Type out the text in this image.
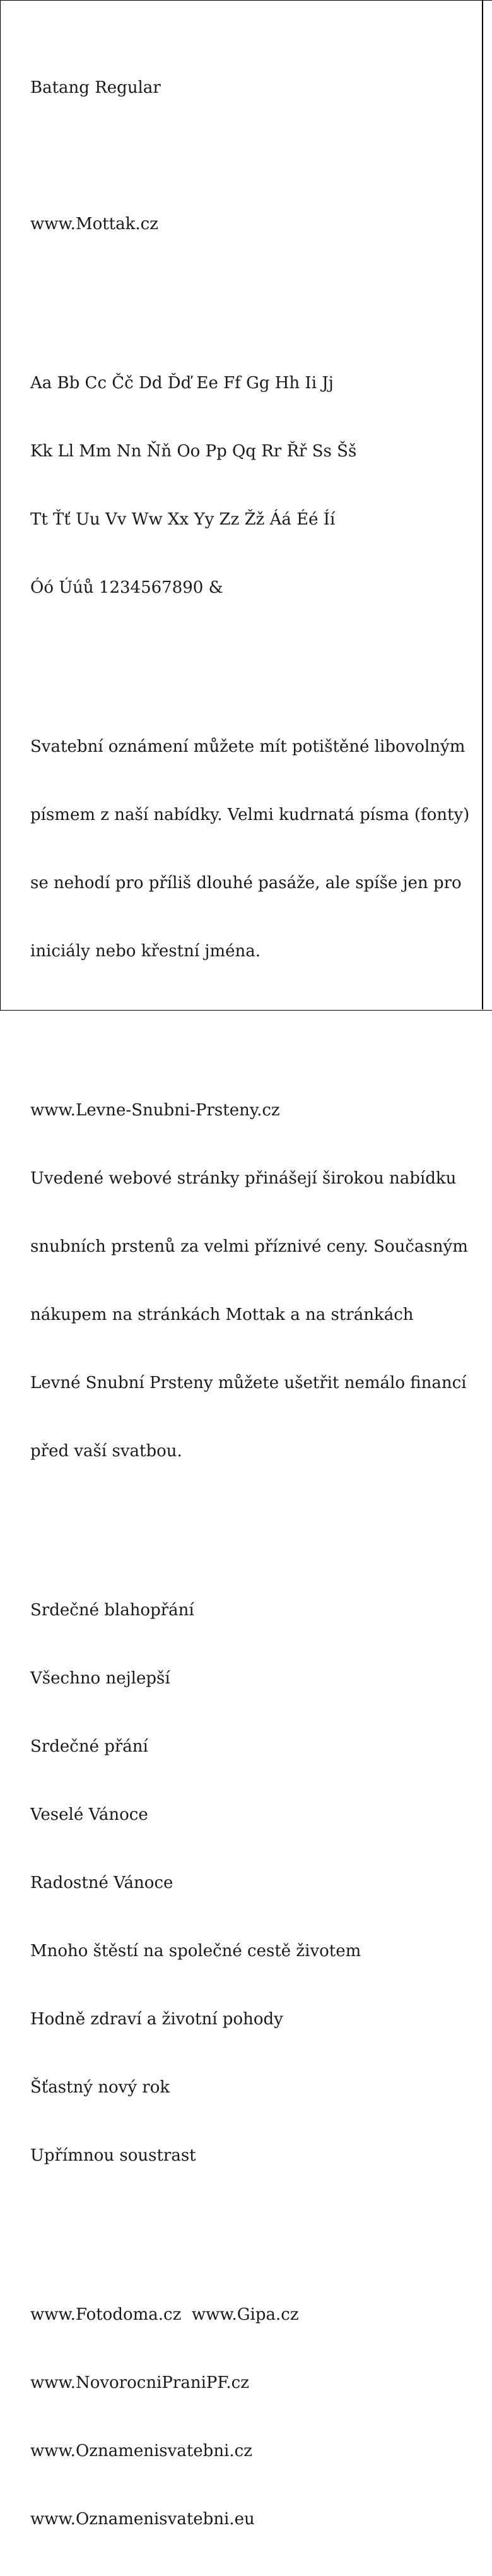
Batang Regular

www.Mottak.cz

Aa Bb Cc Čč Dd Ďď Ee Ff Gg Hh Ii Jj

Kk Ll Mm Nn Ňň Oo Pp Qq Rr Řř Ss Šš

Tt Ťť Uu Vv Ww Xx Yy Zz Žž Áá Éé Íí

Óó Úúů 1234567890 &

Svatební oznámení můžete mít potištěné libovolným

písmem z naší nabídky. Velmi kudrnatá písma (fonty)

se nehodí pro příliš dlouhé pasáže, ale spíše jen pro

iniciály nebo křestní jména.

www.Levne-Snubni-Prsteny.cz

Uvedené webové stránky přinášejí širokou nabídku

snubních prstenů za velmi příznivé ceny. Současným

nákupem na stránkách Mottak a na stránkách

Levné Snubní Prsteny můžete ušetřit nemálo financí

před vaší svatbou.

Srdečné blahopřání

Všechno nejlepší

Srdečné přání

Veselé Vánoce

Radostné Vánoce

Mnoho štěstí na společné cestě životem

Hodně zdraví a životní pohody

Šťastný nový rok

Upřímnou soustrast

www.Fotodoma.cz  www.Gipa.cz

www.NovorocniPraniPF.cz

www.Oznamenisvatebni.cz

www.Oznamenisvatebni.eu
